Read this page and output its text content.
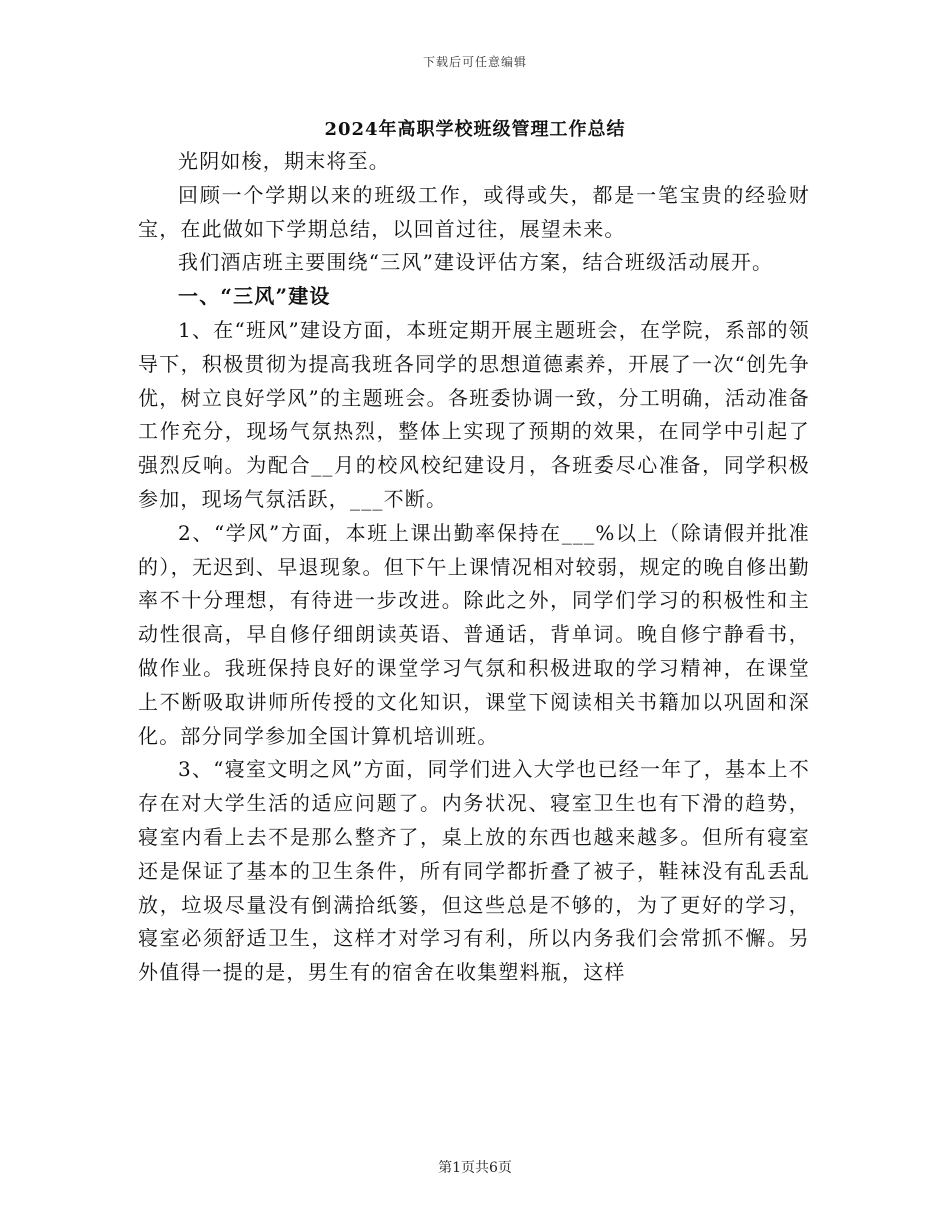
下载后可任意编辑
2024年高职学校班级管理工作总结

光阴如梭，期末将至。

回顾一个学期以来的班级工作，或得或失，都是一笔宝贵的经验财宝，在此做如下学期总结，以回首过往，展望未来。

我们酒店班主要围绕“三风”建设评估方案，结合班级活动展开。

一、“三风”建设

1、在“班风”建设方面，本班定期开展主题班会，在学院，系部的领导下，积极贯彻为提高我班各同学的思想道德素养，开展了一次“创先争优，树立良好学风”的主题班会。各班委协调一致，分工明确，活动准备工作充分，现场气氛热烈，整体上实现了预期的效果，在同学中引起了强烈反响。为配合__月的校风校纪建设月，各班委尽心准备，同学积极参加，现场气氛活跃，___不断。

2、“学风”方面，本班上课出勤率保持在___%以上（除请假并批准的），无迟到、早退现象。但下午上课情况相对较弱，规定的晚自修出勤率不十分理想，有待进一步改进。除此之外，同学们学习的积极性和主动性很高，早自修仔细朗读英语、普通话，背单词。晚自修宁静看书，做作业。我班保持良好的课堂学习气氛和积极进取的学习精神，在课堂上不断吸取讲师所传授的文化知识，课堂下阅读相关书籍加以巩固和深化。部分同学参加全国计算机培训班。

3、“寝室文明之风”方面，同学们进入大学也已经一年了，基本上不存在对大学生活的适应问题了。内务状况、寝室卫生也有下滑的趋势，寝室内看上去不是那么整齐了，桌上放的东西也越来越多。但所有寝室还是保证了基本的卫生条件，所有同学都折叠了被子，鞋袜没有乱丢乱放，垃圾尽量没有倒满拾纸篓，但这些总是不够的，为了更好的学习，寝室必须舒适卫生，这样才对学习有利，所以内务我们会常抓不懈。另外值得一提的是，男生有的宿舍在收集塑料瓶，这样

第1页共6页
